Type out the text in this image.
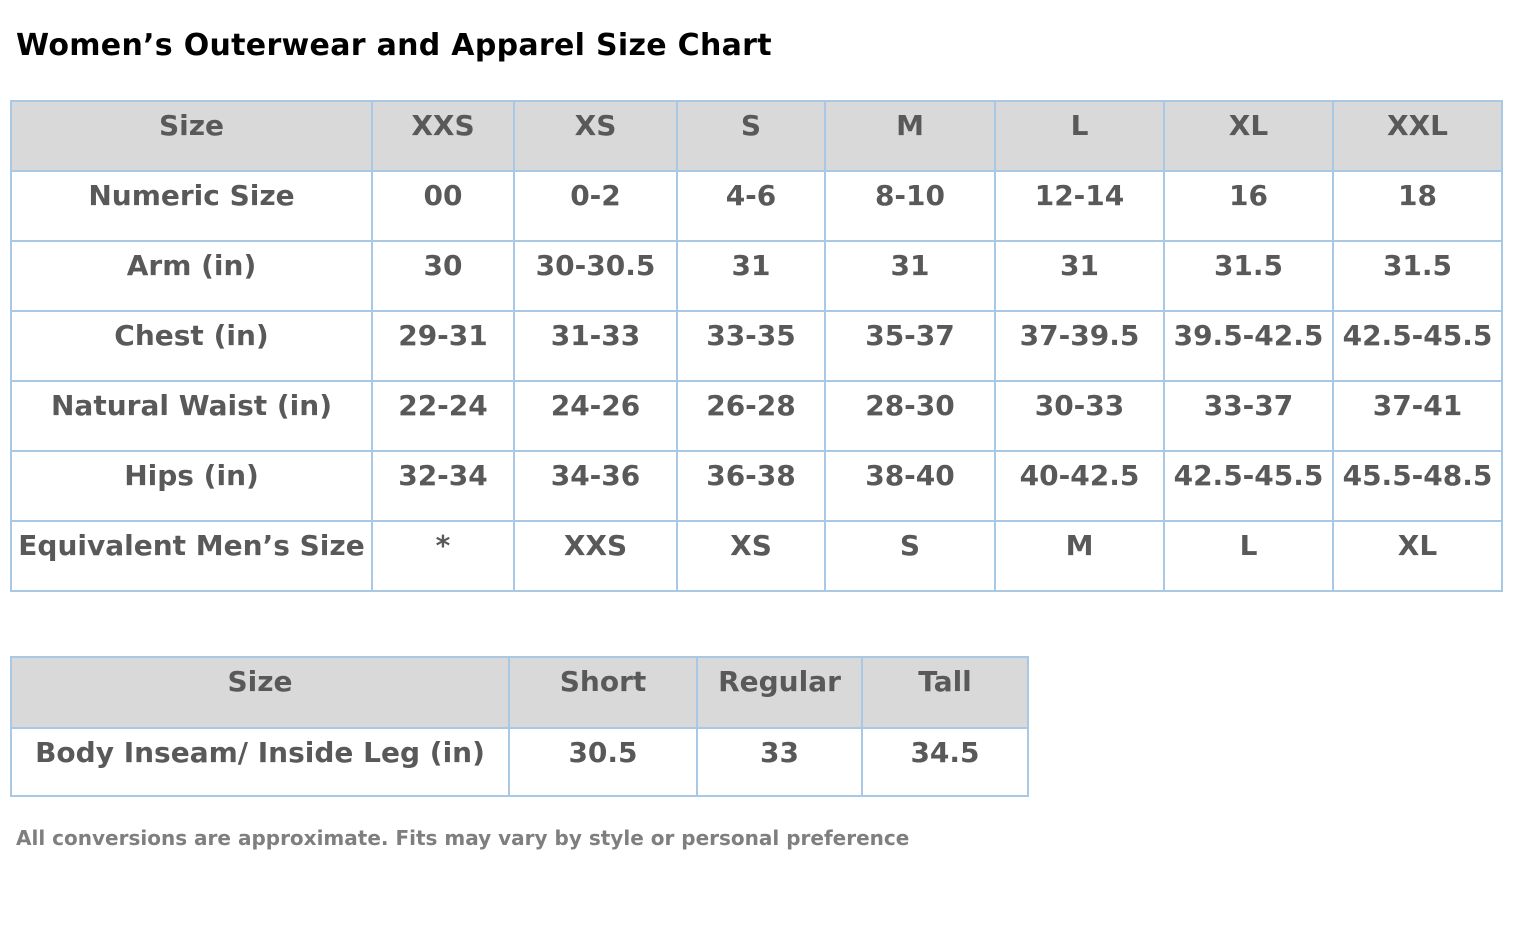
Women’s Outerwear and Apparel Size Chart
Size	XXS	XS	S	M	L	XL	XXL
Numeric Size	00	0-2	4-6	8-10	12-14	16	18
Arm (in)	30	30-30.5	31	31	31	31.5	31.5
Chest (in)	29-31	31-33	33-35	35-37	37-39.5	39.5-42.5	42.5-45.5
Natural Waist (in)	22-24	24-26	26-28	28-30	30-33	33-37	37-41
Hips (in)	32-34	34-36	36-38	38-40	40-42.5	42.5-45.5	45.5-48.5
Equivalent Men’s Size	*	XXS	XS	S	M	L	XL
Size	Short	Regular	Tall
Body Inseam/ Inside Leg (in)	30.5	33	34.5

All conversions are approximate. Fits may vary by style or personal preference
